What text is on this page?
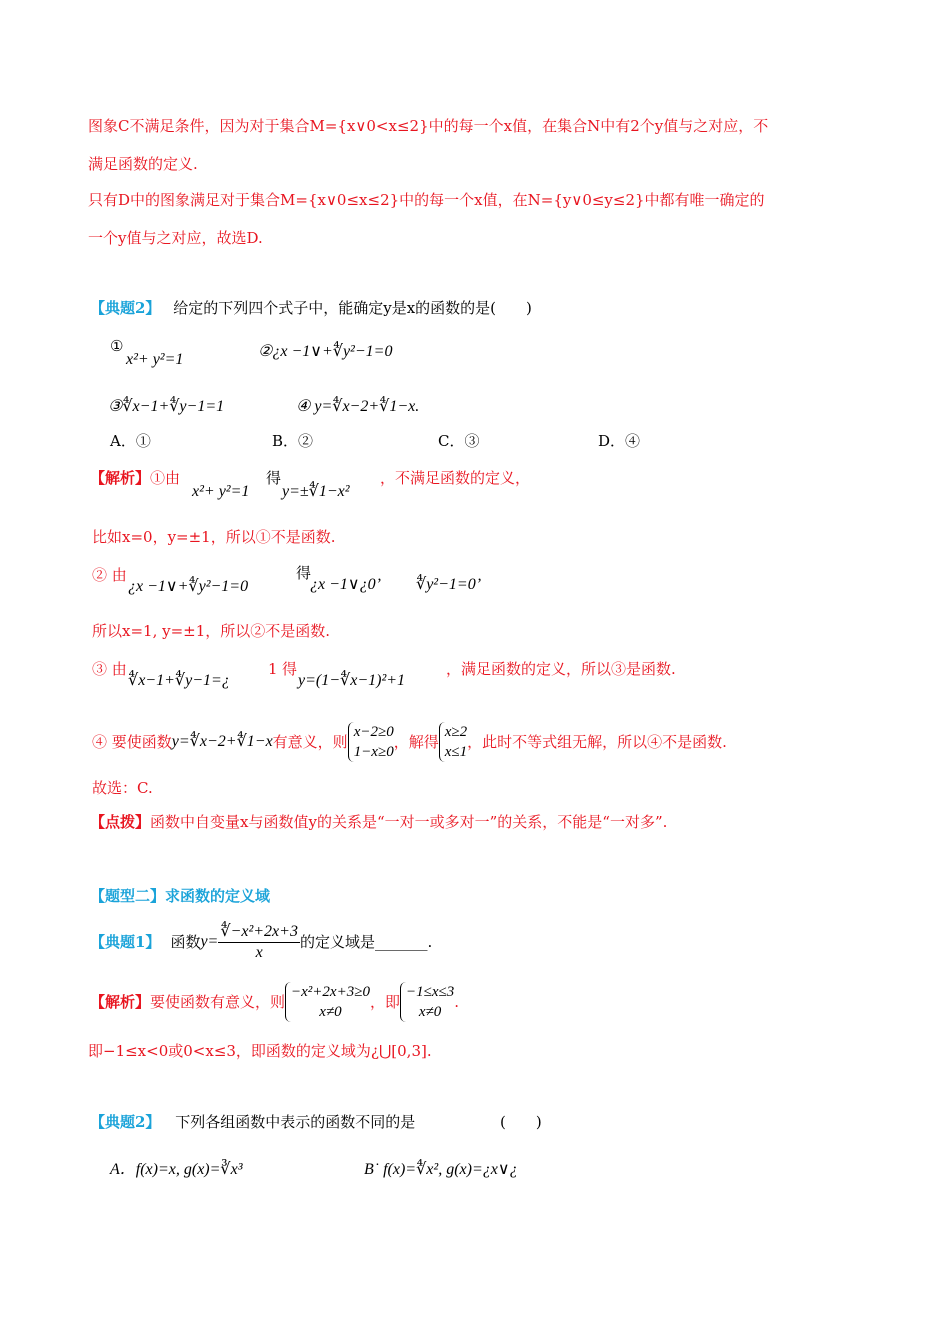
图象C不满足条件，因为对于集合M={x∨0<x≤2}中的每一个x值，在集合N中有2个y值与之对应，不
满足函数的定义.
只有D中的图象满足对于集合M={x∨0≤x≤2}中的每一个x值，在N={y∨0≤y≤2}中都有唯一确定的
一个y值与之对应，故选D.
【典题2】 给定的下列四个式子中，能确定y是x的函数的是(　　)
①
x²+ y²=1	②¿x −1∨+∜y²−1=0
③∜x−1+∜y−1=1	④ y=∜x−2+∜1−x.
A．①	B．②	C．③	D．④
【解析】①由
x²+ y²=1
得
y=±∜1−x²
，不满足函数的定义，
比如x=0，y=±1，所以①不是函数.
② 由
¿x −1∨+∜y²−1=0
得
¿x −1∨¿0’ ∜y²−1=0’
所以x=1, y=±1，所以②不是函数.
③ 由
∜x−1+∜y−1=¿
1 得
y=(1−∜x−1)²+1
，满足函数的定义，所以③是函数.
④ 要使函数 y=∜x−2+∜1−x 有意义，则
x−2≥0
1−x≥0
，解得
x≥2
x≤1
，此时不等式组无解，所以④不是函数.
故选：C.
【点拨】函数中自变量x与函数值y的关系是“一对一或多对一”的关系，不能是“一对多”.
【题型二】求函数的定义域
【典题1】 函数 $y= \frac{\text{∜−x²+2x+3}}{x}$ 的定义域是_______.
【解析】 要使函数有意义，则
−x²+2x+3≥0
x≠0
，即
−1≤x≤3
x≠0
.
即−1≤x<0或0<x≤3，即函数的定义域为¿⋃[0,3].
【典题2】 下列各组函数中表示的函数不同的是	(　　)
A．f(x)=x, g(x)=∛x³	B˙ f(x)=∜x², g(x)=¿x∨¿
